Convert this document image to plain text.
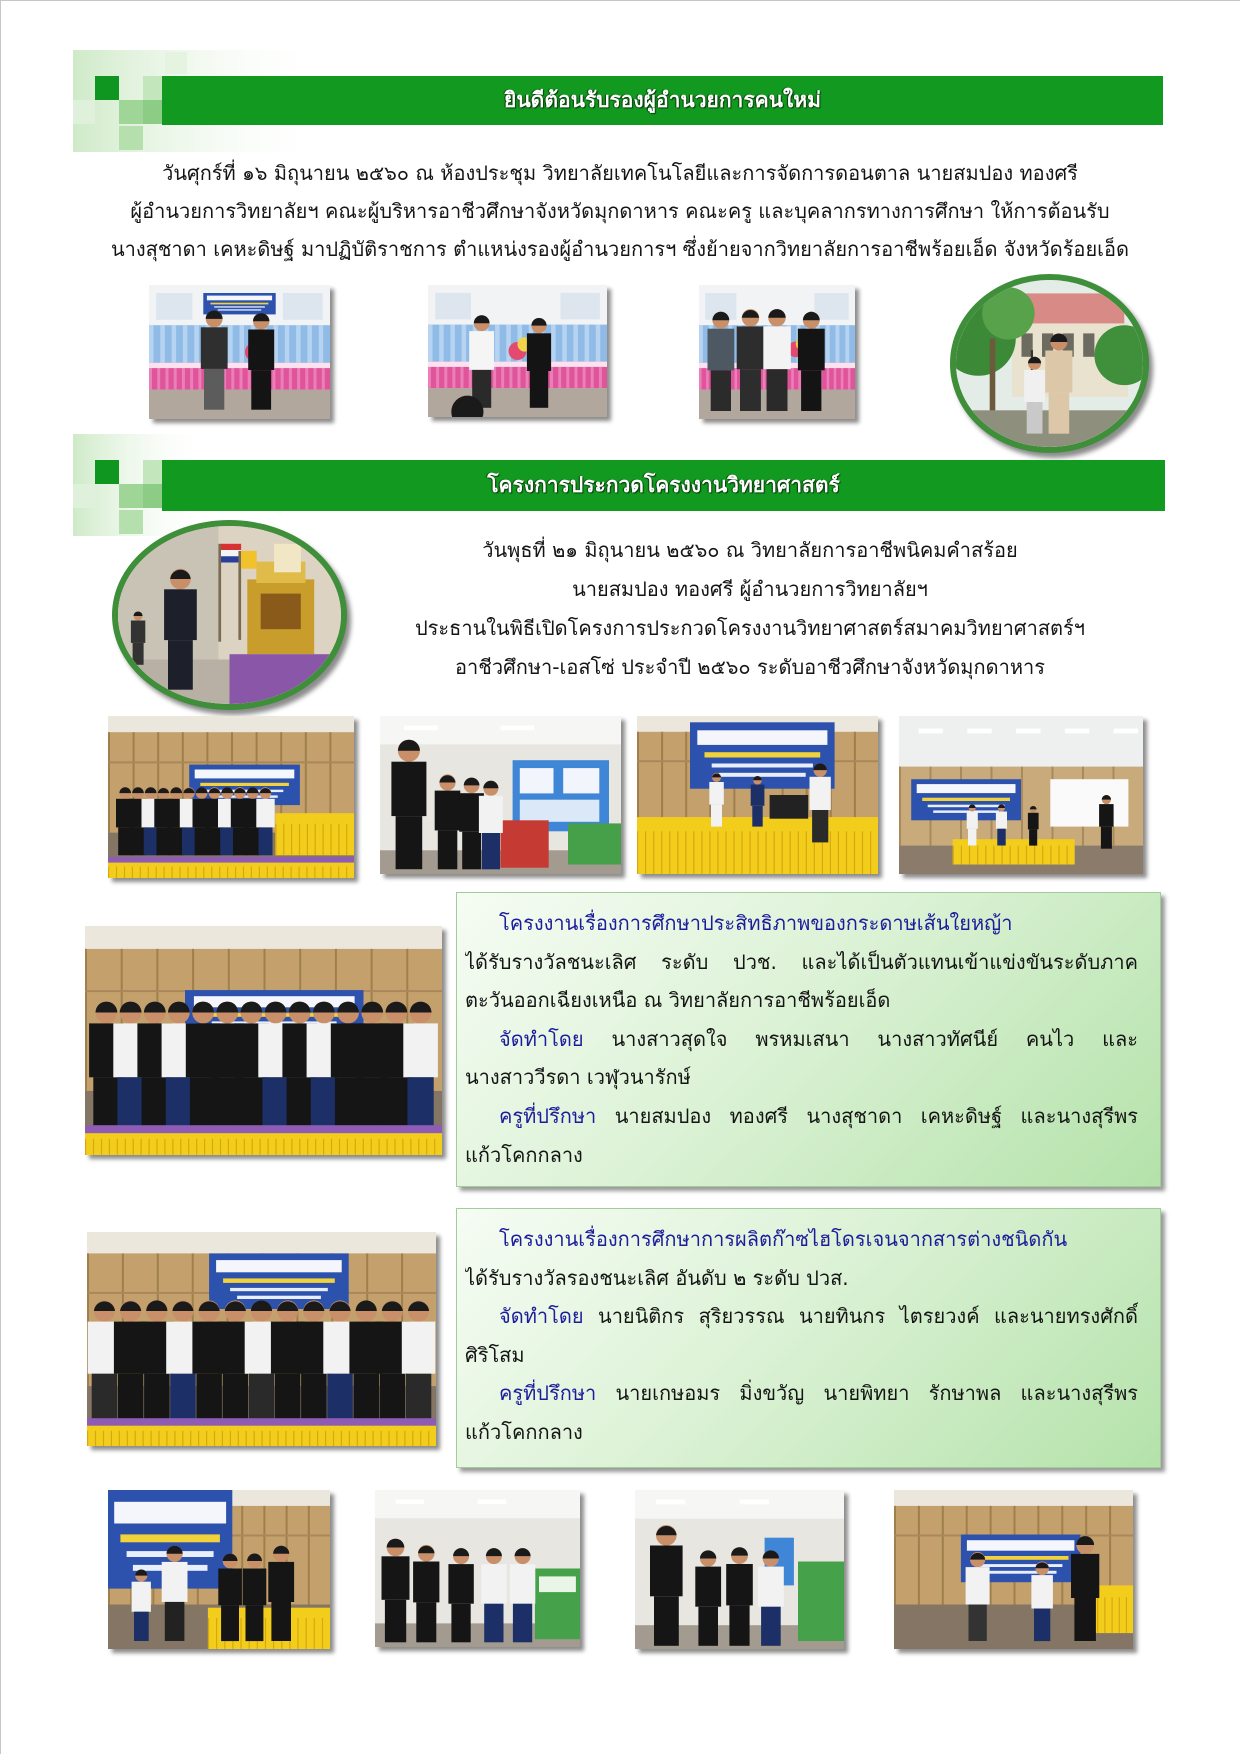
ยินดีต้อนรับรองผู้อำนวยการคนใหม่
วันศุกร์ที่ ๑๖ มิถุนายน ๒๕๖๐ ณ ห้องประชุม วิทยาลัยเทคโนโลยีและการจัดการดอนตาล นายสมปอง ทองศรี
ผู้อำนวยการวิทยาลัยฯ คณะผู้บริหารอาชีวศึกษาจังหวัดมุกดาหาร คณะครู และบุคลากรทางการศึกษา ให้การต้อนรับ
นางสุชาดา เคหะดิษฐ์ มาปฏิบัติราชการ ตำแหน่งรองผู้อำนวยการฯ ซึ่งย้ายจากวิทยาลัยการอาชีพร้อยเอ็ด จังหวัดร้อยเอ็ด
โครงการประกวดโครงงานวิทยาศาสตร์
วันพุธที่ ๒๑ มิถุนายน ๒๕๖๐ ณ วิทยาลัยการอาชีพนิคมคำสร้อย
นายสมปอง ทองศรี ผู้อำนวยการวิทยาลัยฯ
ประธานในพิธีเปิดโครงการประกวดโครงงานวิทยาศาสตร์สมาคมวิทยาศาสตร์ฯ
อาชีวศึกษา-เอสโซ่ ประจำปี ๒๕๖๐ ระดับอาชีวศึกษาจังหวัดมุกดาหาร
โครงงานเรื่องการศึกษาประสิทธิภาพของกระดาษเส้นใยหญ้า
ได้รับรางวัลชนะเลิศ ระดับ ปวช. และได้เป็นตัวแทนเข้าแข่งขันระดับภาค
ตะวันออกเฉียงเหนือ ณ วิทยาลัยการอาชีพร้อยเอ็ด
จัดทำโดย นางสาวสุดใจ พรหมเสนา นางสาวทัศนีย์ คนไว และ
นางสาววีรดา เวฬุวนารักษ์
ครูที่ปรึกษา นายสมปอง ทองศรี นางสุชาดา เคหะดิษฐ์ และนางสุรีพร
แก้วโคกกลาง
โครงงานเรื่องการศึกษาการผลิตก๊าซไฮโดรเจนจากสารต่างชนิดกัน
ได้รับรางวัลรองชนะเลิศ อันดับ ๒ ระดับ ปวส.
จัดทำโดย นายนิติกร สุริยวรรณ นายทินกร ไตรยวงค์ และนายทรงศักดิ์
ศิริโสม
ครูที่ปรึกษา นายเกษอมร มิ่งขวัญ นายพิทยา รักษาพล และนางสุรีพร
แก้วโคกกลาง
